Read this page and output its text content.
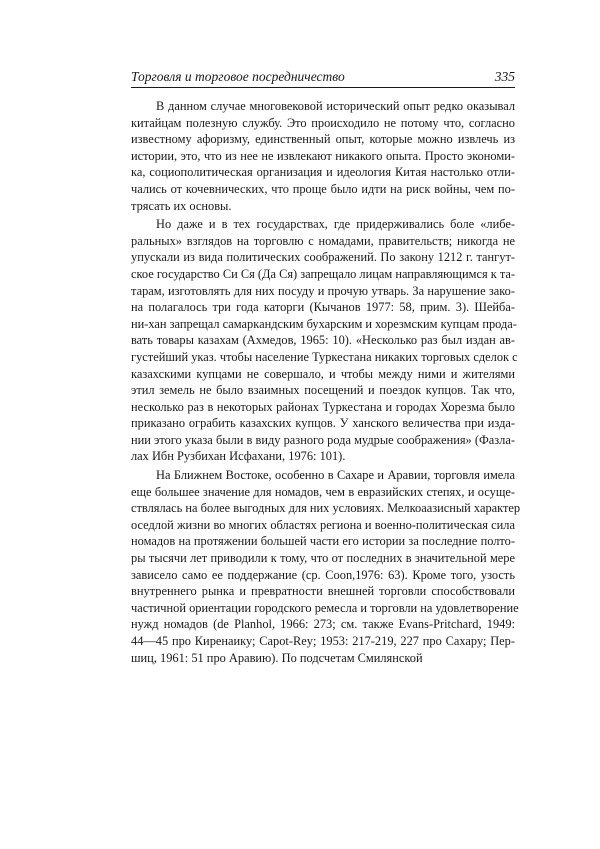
Торговля и торговое посредничество	335
В данном случае многовековой исторический опыт редко оказывал
китайцам полезную службу. Это происходило не потому что, согласно
известному афоризму, единственный опыт, которые можно извлечь из
истории, это, что из нее не извлекают никакого опыта. Просто экономи-
ка, социополитическая организация и идеология Китая настолько отли-
чались от кочевнических, что проще было идти на риск войны, чем по-
трясать их основы.
Но даже и в тех государствах, где придерживались боле «либе-
ральных» взглядов на торговлю с номадами, правительств; никогда не
упускали из вида политических соображений. По закону 1212 г. тангут-
ское государство Си Ся (Да Ся) запрещало лицам направляющимся к та-
тарам, изготовлять для них посуду и прочую утварь. За нарушение зако-
на полагалось три года каторги (Кычанов 1977: 58, прим. 3). Шейба-
ни-хан запрещал самаркандским бухарским и хорезмским купцам прода-
вать товары казахам (Ахмедов, 1965: 10). «Несколько раз был издан ав-
густейший указ. чтобы население Туркестана никаких торговых сделок с
казахскими купцами не совершало, и чтобы между ними и жителями
этил земель не было взаимных посещений и поездок купцов. Так что,
несколько раз в некоторых районах Туркестана и городах Хорезма было
приказано ограбить казахских купцов. У ханского величества при изда-
нии этого указа были в виду разного рода мудрые соображения» (Фазла-
лах Ибн Рузбихан Исфахани, 1976: 101).
На Ближнем Востоке, особенно в Сахаре и Аравии, торговля имела
еще большее значение для номадов, чем в евразийских степях, и осуще-
ствлялась на более выгодных для них условиях. Мелкоаазисный характер
оседлой жизни во многих областях региона и военно-политическая сила
номадов на протяжении большей части его истории за последние полто-
ры тысячи лет приводили к тому, что от последних в значительной мере
зависело само ее поддержание (ср. Coon,1976: 63). Кроме того, узость
внутреннего рынка и превратности внешней торговли способствовали
частичной ориентации городского ремесла и торговли на удовлетворение
нужд номадов (de Planhol, 1966: 273; см. также Evans-Pritchard, 1949:
44—45 про Киренаику; Capot-Rey; 1953: 217-219, 227 про Сахару; Пер-
шиц, 1961: 51 про Аравию). По подсчетам Смилянской
